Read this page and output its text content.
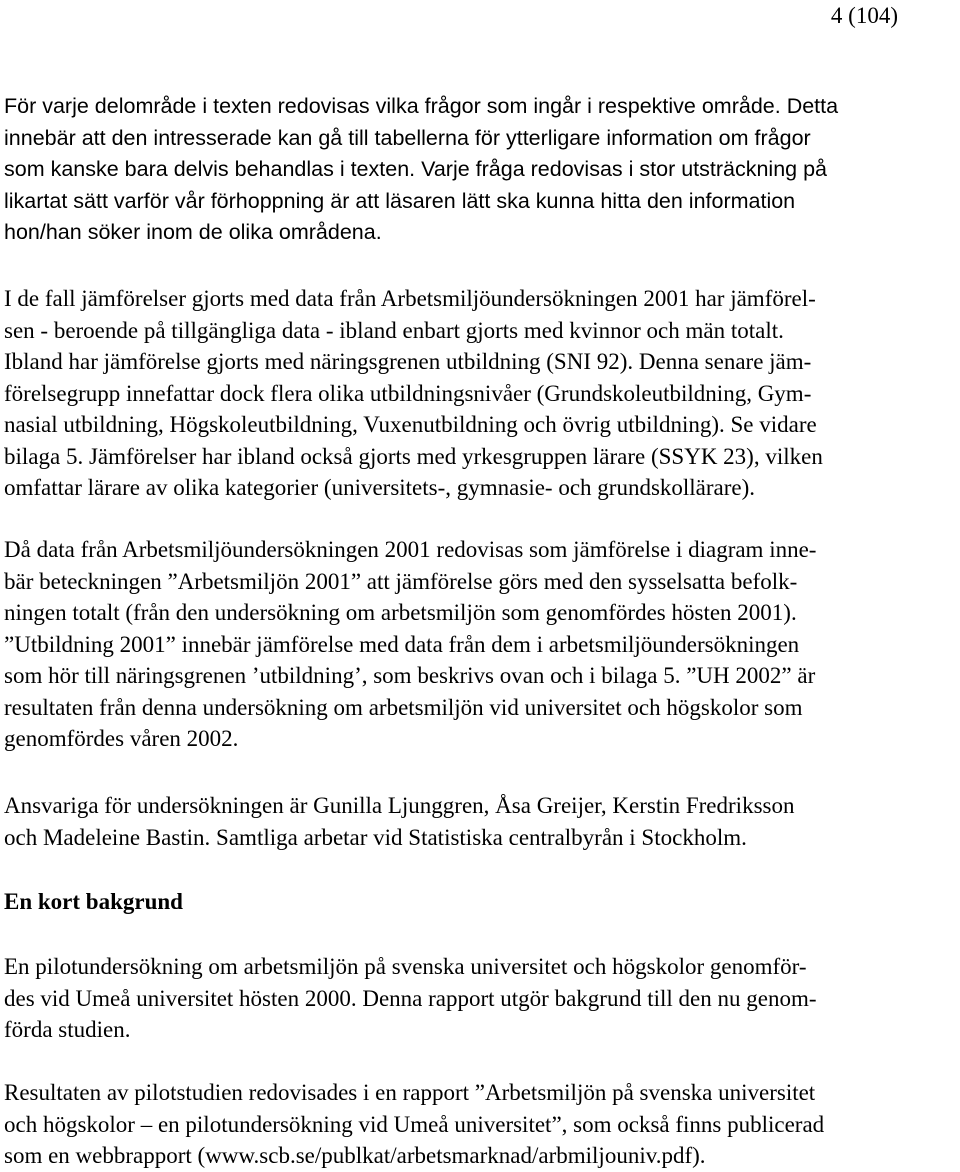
4 (104)
För varje delområde i texten redovisas vilka frågor som ingår i respektive område. Detta
innebär att den intresserade kan gå till tabellerna för ytterligare information om frågor
som kanske bara delvis behandlas i texten. Varje fråga redovisas i stor utsträckning på
likartat sätt varför vår förhoppning är att läsaren lätt ska kunna hitta den information
hon/han söker inom de olika områdena.
I de fall jämförelser gjorts med data från Arbetsmiljöundersökningen 2001 har jämförel-
sen - beroende på tillgängliga data - ibland enbart gjorts med kvinnor och män totalt.
Ibland har jämförelse gjorts med näringsgrenen utbildning (SNI 92). Denna senare jäm-
förelsegrupp innefattar dock flera olika utbildningsnivåer (Grundskoleutbildning, Gym-
nasial utbildning, Högskoleutbildning, Vuxenutbildning och övrig utbildning). Se vidare
bilaga 5. Jämförelser har ibland också gjorts med yrkesgruppen lärare (SSYK 23), vilken
omfattar lärare av olika kategorier (universitets-, gymnasie- och grundskollärare).
Då data från Arbetsmiljöundersökningen 2001 redovisas som jämförelse i diagram inne-
bär beteckningen ”Arbetsmiljön 2001” att jämförelse görs med den sysselsatta befolk-
ningen totalt (från den undersökning om arbetsmiljön som genomfördes hösten 2001).
”Utbildning 2001” innebär jämförelse med data från dem i arbetsmiljöundersökningen
som hör till näringsgrenen ’utbildning’, som beskrivs ovan och i bilaga 5. ”UH 2002” är
resultaten från denna undersökning om arbetsmiljön vid universitet och högskolor som
genomfördes våren 2002.
Ansvariga för undersökningen är Gunilla Ljunggren, Åsa Greijer, Kerstin Fredriksson
och Madeleine Bastin. Samtliga arbetar vid Statistiska centralbyrån i Stockholm.
En kort bakgrund
En pilotundersökning om arbetsmiljön på svenska universitet och högskolor genomför-
des vid Umeå universitet hösten 2000. Denna rapport utgör bakgrund till den nu genom-
förda studien.
Resultaten av pilotstudien redovisades i en rapport ”Arbetsmiljön på svenska universitet
och högskolor – en pilotundersökning vid Umeå universitet”, som också finns publicerad
som en webbrapport (www.scb.se/publkat/arbetsmarknad/arbmiljouniv.pdf).
